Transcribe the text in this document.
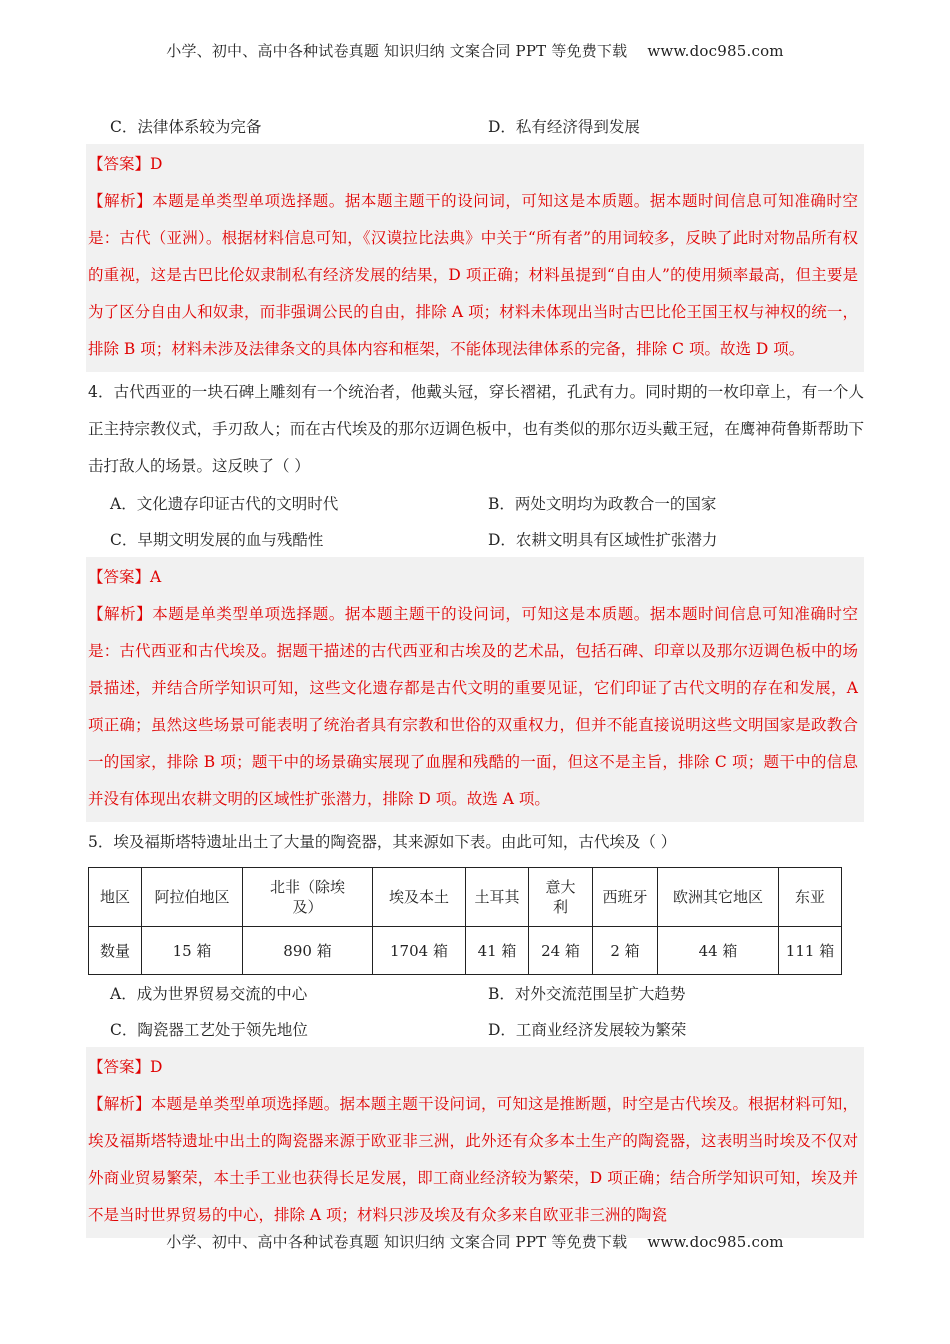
小学、初中、高中各种试卷真题 知识归纳 文案合同 PPT 等免费下载 www.doc985.com
C．法律体系较为完备	D．私有经济得到发展
【答案】D
【解析】本题是单类型单项选择题。据本题主题干的设问词，可知这是本质题。据本题时间信息可知准确时空是：古代（亚洲）。根据材料信息可知，《汉谟拉比法典》中关于“所有者”的用词较多，反映了此时对物品所有权的重视，这是古巴比伦奴隶制私有经济发展的结果，D 项正确；材料虽提到“自由人”的使用频率最高，但主要是为了区分自由人和奴隶，而非强调公民的自由，排除 A 项；材料未体现出当时古巴比伦王国王权与神权的统一，排除 B 项；材料未涉及法律条文的具体内容和框架，不能体现法律体系的完备，排除 C 项。故选 D 项。
4．古代西亚的一块石碑上雕刻有一个统治者，他戴头冠，穿长褶裙，孔武有力。同时期的一枚印章上，有一个人正主持宗教仪式，手刃敌人；而在古代埃及的那尔迈调色板中，也有类似的那尔迈头戴王冠，在鹰神荷鲁斯帮助下击打敌人的场景。这反映了（ ）
A．文化遗存印证古代的文明时代	B．两处文明均为政教合一的国家
C．早期文明发展的血与残酷性	D．农耕文明具有区域性扩张潜力
【答案】A
【解析】本题是单类型单项选择题。据本题主题干的设问词，可知这是本质题。据本题时间信息可知准确时空是：古代西亚和古代埃及。据题干描述的古代西亚和古埃及的艺术品，包括石碑、印章以及那尔迈调色板中的场景描述，并结合所学知识可知，这些文化遗存都是古代文明的重要见证，它们印证了古代文明的存在和发展，A 项正确；虽然这些场景可能表明了统治者具有宗教和世俗的双重权力，但并不能直接说明这些文明国家是政教合一的国家，排除 B 项；题干中的场景确实展现了血腥和残酷的一面，但这不是主旨，排除 C 项；题干中的信息并没有体现出农耕文明的区域性扩张潜力，排除 D 项。故选 A 项。
5．埃及福斯塔特遗址出土了大量的陶瓷器，其来源如下表。由此可知，古代埃及（ ）
地区	阿拉伯地区	北非（除埃及）	埃及本土	土耳其	意大利	西班牙	欧洲其它地区	东亚
数量	15 箱	890 箱	1704 箱	41 箱	24 箱	2 箱	44 箱	111 箱
A．成为世界贸易交流的中心	B．对外交流范围呈扩大趋势
C．陶瓷器工艺处于领先地位	D．工商业经济发展较为繁荣
【答案】D
【解析】本题是单类型单项选择题。据本题主题干设问词，可知这是推断题，时空是古代埃及。根据材料可知，埃及福斯塔特遗址中出土的陶瓷器来源于欧亚非三洲，此外还有众多本土生产的陶瓷器，这表明当时埃及不仅对外商业贸易繁荣，本土手工业也获得长足发展，即工商业经济较为繁荣，D 项正确；结合所学知识可知，埃及并不是当时世界贸易的中心，排除 A 项；材料只涉及埃及有众多来自欧亚非三洲的陶瓷
小学、初中、高中各种试卷真题 知识归纳 文案合同 PPT 等免费下载 www.doc985.com
